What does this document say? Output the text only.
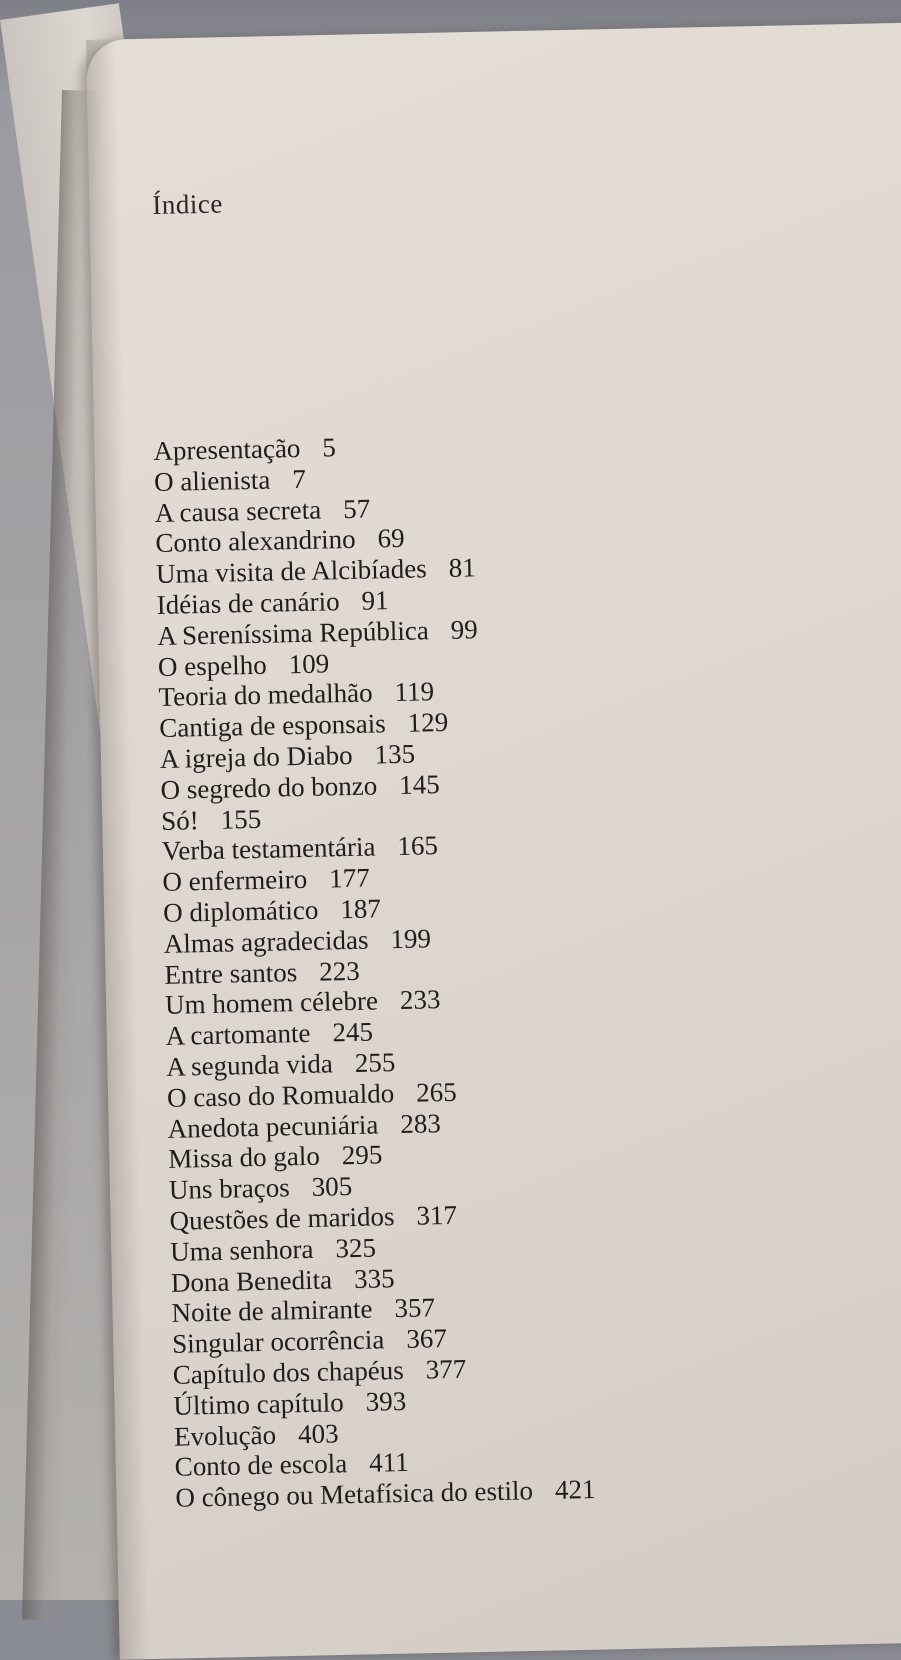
Índice
Apresentação 5
O alienista 7
A causa secreta 57
Conto alexandrino 69
Uma visita de Alcibíades 81
Idéias de canário 91
A Sereníssima República 99
O espelho 109
Teoria do medalhão 119
Cantiga de esponsais 129
A igreja do Diabo 135
O segredo do bonzo 145
Só! 155
Verba testamentária 165
O enfermeiro 177
O diplomático 187
Almas agradecidas 199
Entre santos 223
Um homem célebre 233
A cartomante 245
A segunda vida 255
O caso do Romualdo 265
Anedota pecuniária 283
Missa do galo 295
Uns braços 305
Questões de maridos 317
Uma senhora 325
Dona Benedita 335
Noite de almirante 357
Singular ocorrência 367
Capítulo dos chapéus 377
Último capítulo 393
Evolução 403
Conto de escola 411
O cônego ou Metafísica do estilo 421
